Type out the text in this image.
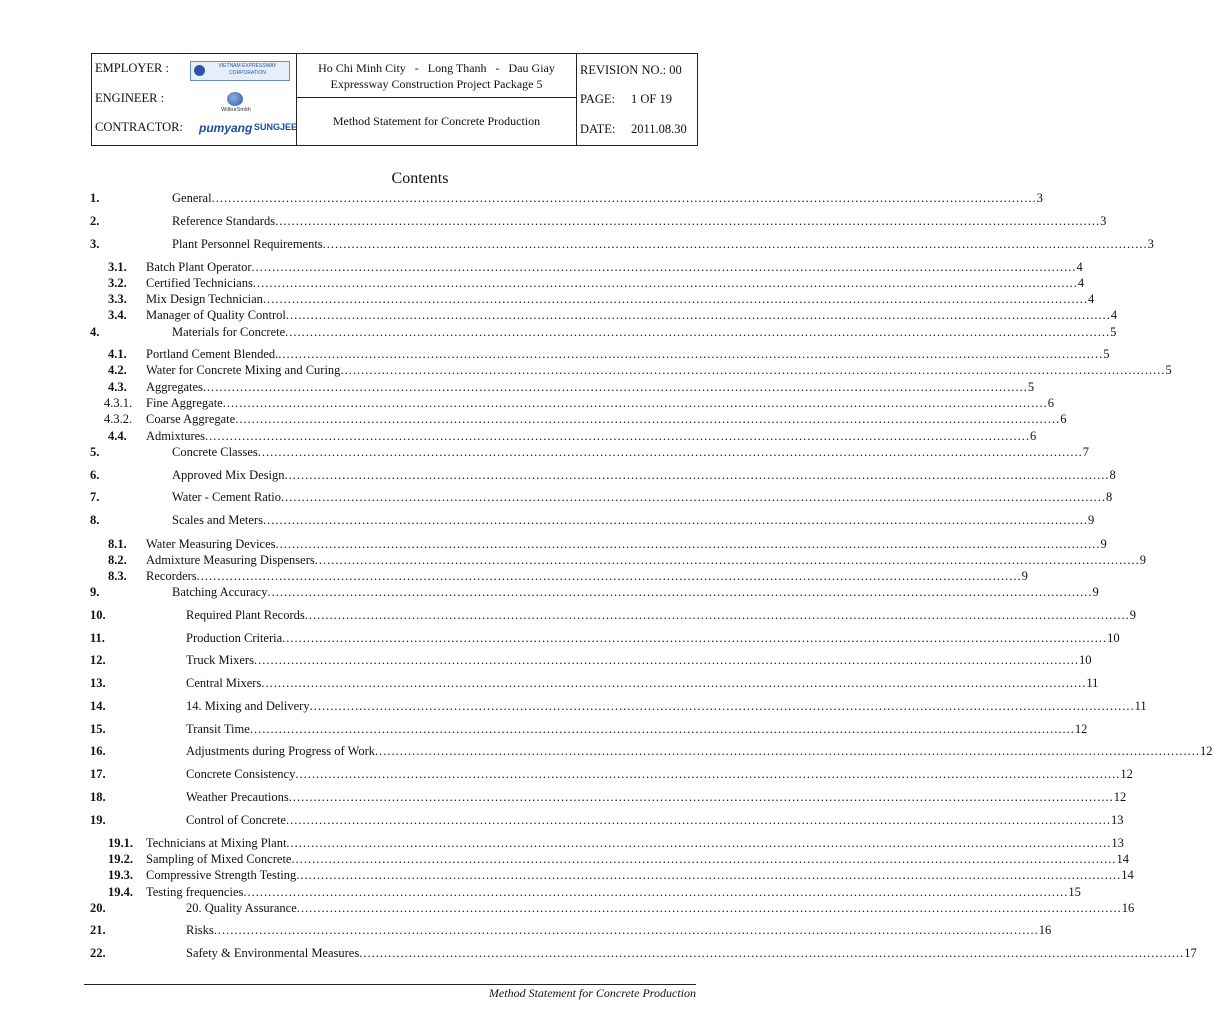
EMPLOYER :	VIETNAM EXPRESSWAY CORPORATION
ENGINEER :
WilburSmith
CONTRACTOR: pumyang SUNGJEE
Ho Chi Minh City   -   Long Thanh   -   Dau Giay
Expressway Construction Project Package 5
Method Statement for Concrete Production
REVISION NO.: 00
PAGE: 1 OF 19
DATE: 2011.08.30
Contents
1.	General ........................................................................................................................................................................................................ 3
2.	Reference Standards ........................................................................................................................................................................................................ 3
3.	Plant Personnel Requirements ........................................................................................................................................................................................................ 3
3.1. Batch Plant Operator ........................................................................................................................................................................................................ 4
3.2. Certified Technicians ........................................................................................................................................................................................................ 4
3.3. Mix Design Technician ........................................................................................................................................................................................................ 4
3.4. Manager of Quality Control ........................................................................................................................................................................................................ 4
4.	Materials for Concrete ........................................................................................................................................................................................................ 5
4.1. Portland Cement Blended. ........................................................................................................................................................................................................ 5
4.2. Water for Concrete Mixing and Curing ........................................................................................................................................................................................................ 5
4.3. Aggregates ........................................................................................................................................................................................................ 5
4.3.1. Fine Aggregate ........................................................................................................................................................................................................ 6
4.3.2. Coarse Aggregate ........................................................................................................................................................................................................ 6
4.4. Admixtures ........................................................................................................................................................................................................ 6
5.	Concrete Classes ........................................................................................................................................................................................................ 7
6.	Approved Mix Design ........................................................................................................................................................................................................ 8
7.	Water - Cement Ratio ........................................................................................................................................................................................................ 8
8.	Scales and Meters ........................................................................................................................................................................................................ 9
8.1. Water Measuring Devices ........................................................................................................................................................................................................ 9
8.2. Admixture Measuring Dispensers ........................................................................................................................................................................................................ 9
8.3. Recorders ........................................................................................................................................................................................................ 9
9.	Batching Accuracy ........................................................................................................................................................................................................ 9
10.	Required Plant Records ........................................................................................................................................................................................................ 9
11.	Production Criteria ........................................................................................................................................................................................................ 10
12.	Truck Mixers ........................................................................................................................................................................................................ 10
13.	Central Mixers ........................................................................................................................................................................................................ 11
14.	14. Mixing and Delivery ........................................................................................................................................................................................................ 11
15.	Transit Time ........................................................................................................................................................................................................ 12
16.	Adjustments during Progress of Work ........................................................................................................................................................................................................ 12
17.	Concrete Consistency ........................................................................................................................................................................................................ 12
18.	Weather Precautions ........................................................................................................................................................................................................ 12
19.	Control of Concrete ........................................................................................................................................................................................................ 13
19.1. Technicians at Mixing Plant ........................................................................................................................................................................................................ 13
19.2. Sampling of Mixed Concrete ........................................................................................................................................................................................................ 14
19.3. Compressive Strength Testing ........................................................................................................................................................................................................ 14
19.4. Testing frequencies ........................................................................................................................................................................................................ 15
20.	20. Quality Assurance ........................................................................................................................................................................................................ 16
21.	Risks ........................................................................................................................................................................................................ 16
22.	Safety & Environmental Measures ........................................................................................................................................................................................................ 17
Method Statement for Concrete Production
